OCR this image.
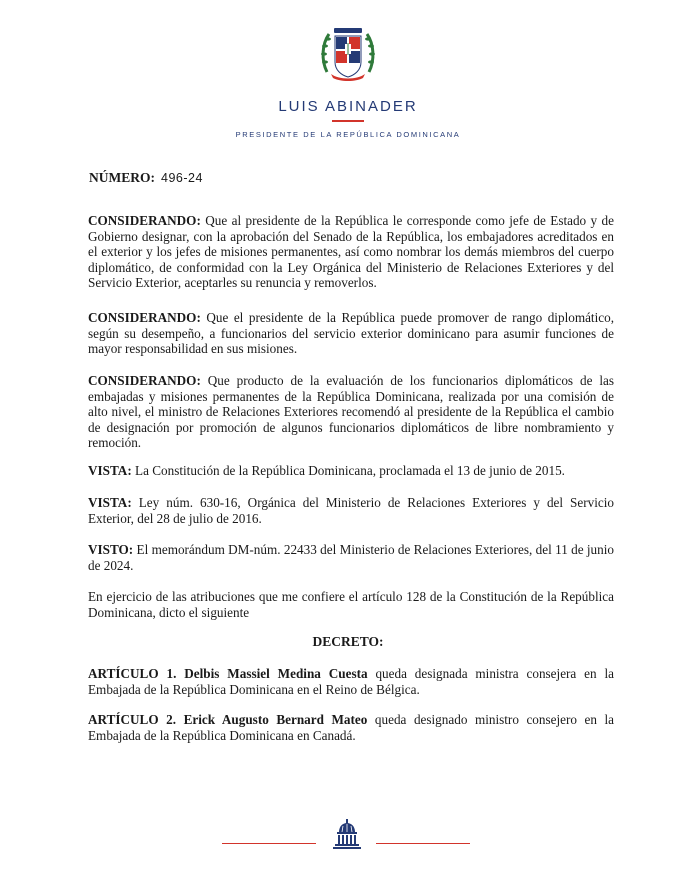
LUIS ABINADER
PRESIDENTE DE LA REPÚBLICA DOMINICANA
NÚMERO: 496-24
CONSIDERANDO: Que al presidente de la República le corresponde como jefe de Estado y de Gobierno designar, con la aprobación del Senado de la República, los embajadores acreditados en el exterior y los jefes de misiones permanentes, así como nombrar los demás miembros del cuerpo diplomático, de conformidad con la Ley Orgánica del Ministerio de Relaciones Exteriores y del Servicio Exterior, aceptarles su renuncia y removerlos.
CONSIDERANDO: Que el presidente de la República puede promover de rango diplomático, según su desempeño, a funcionarios del servicio exterior dominicano para asumir funciones de mayor responsabilidad en sus misiones.
CONSIDERANDO: Que producto de la evaluación de los funcionarios diplomáticos de las embajadas y misiones permanentes de la República Dominicana, realizada por una comisión de alto nivel, el ministro de Relaciones Exteriores recomendó al presidente de la República el cambio de designación por promoción de algunos funcionarios diplomáticos de libre nombramiento y remoción.
VISTA: La Constitución de la República Dominicana, proclamada el 13 de junio de 2015.
VISTA: Ley núm. 630-16, Orgánica del Ministerio de Relaciones Exteriores y del Servicio Exterior, del 28 de julio de 2016.
VISTO: El memorándum DM-núm. 22433 del Ministerio de Relaciones Exteriores, del 11 de junio de 2024.
En ejercicio de las atribuciones que me confiere el artículo 128 de la Constitución de la República Dominicana, dicto el siguiente
DECRETO:
ARTÍCULO 1. Delbis Massiel Medina Cuesta queda designada ministra consejera en la Embajada de la República Dominicana en el Reino de Bélgica.
ARTÍCULO 2. Erick Augusto Bernard Mateo queda designado ministro consejero en la Embajada de la República Dominicana en Canadá.
